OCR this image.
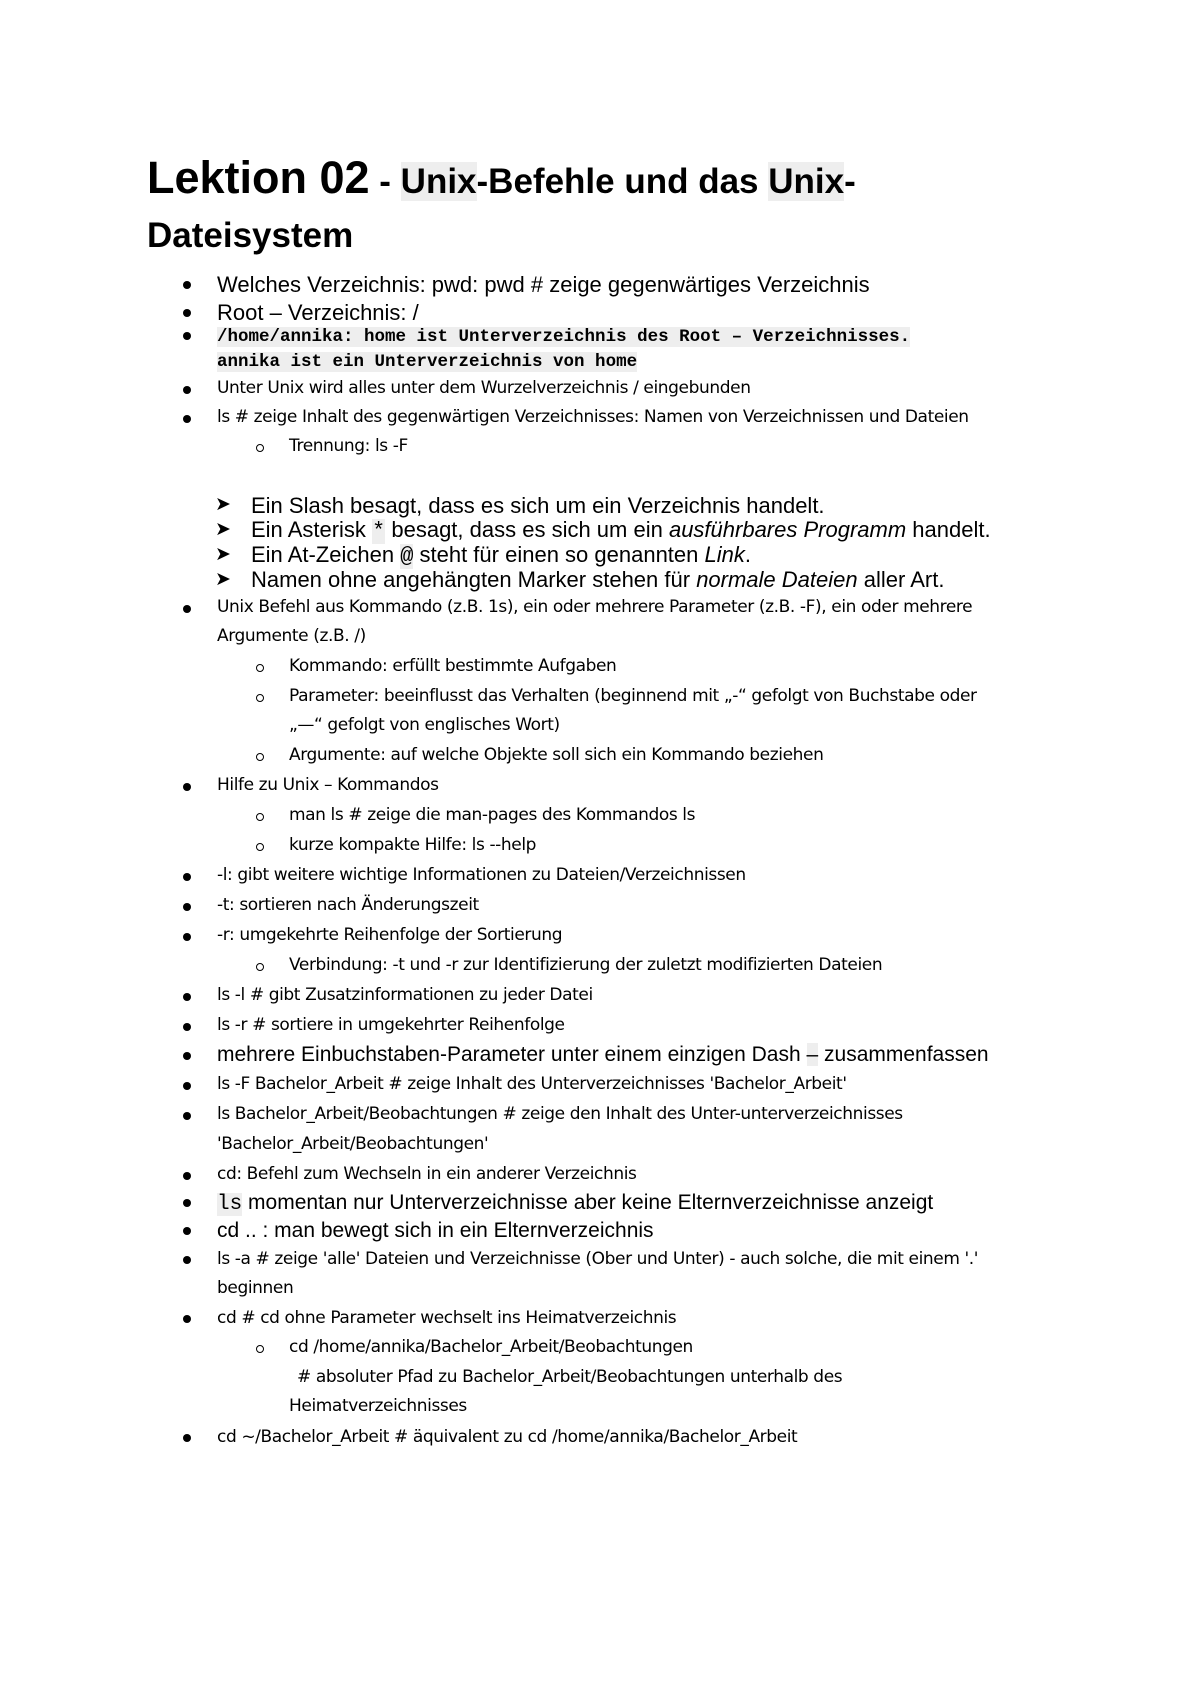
Lektion 02 - Unix-Befehle und das Unix-
Dateisystem
Welches Verzeichnis: pwd: pwd # zeige gegenwärtiges Verzeichnis
Root – Verzeichnis: /
/home/annika: home ist Unterverzeichnis des Root – Verzeichnisses.
annika ist ein Unterverzeichnis von home
Unter Unix wird alles unter dem Wurzelverzeichnis / eingebunden
ls # zeige Inhalt des gegenwärtigen Verzeichnisses: Namen von Verzeichnissen und Dateien
Trennung: ls -F
➤ Ein Slash besagt, dass es sich um ein Verzeichnis handelt.
➤ Ein Asterisk * besagt, dass es sich um ein ausführbares Programm handelt.
➤ Ein At-Zeichen @ steht für einen so genannten Link.
➤ Namen ohne angehängten Marker stehen für normale Dateien aller Art.
Unix Befehl aus Kommando (z.B. 1s), ein oder mehrere Parameter (z.B. -F), ein oder mehrere
Argumente (z.B. /)
Kommando: erfüllt bestimmte Aufgaben
Parameter: beeinflusst das Verhalten (beginnend mit „-“ gefolgt von Buchstabe oder
„—“ gefolgt von englisches Wort)
Argumente: auf welche Objekte soll sich ein Kommando beziehen
Hilfe zu Unix – Kommandos
man ls # zeige die man-pages des Kommandos ls
kurze kompakte Hilfe: ls --help
-l: gibt weitere wichtige Informationen zu Dateien/Verzeichnissen
-t: sortieren nach Änderungszeit
-r: umgekehrte Reihenfolge der Sortierung
Verbindung: -t und -r zur Identifizierung der zuletzt modifizierten Dateien
ls -l # gibt Zusatzinformationen zu jeder Datei
ls -r # sortiere in umgekehrter Reihenfolge
mehrere Einbuchstaben-Parameter unter einem einzigen Dash – zusammenfassen
ls -F Bachelor_Arbeit # zeige Inhalt des Unterverzeichnisses 'Bachelor_Arbeit'
ls Bachelor_Arbeit/Beobachtungen # zeige den Inhalt des Unter-unterverzeichnisses
'Bachelor_Arbeit/Beobachtungen'
cd: Befehl zum Wechseln in ein anderer Verzeichnis
ls momentan nur Unterverzeichnisse aber keine Elternverzeichnisse anzeigt
cd .. : man bewegt sich in ein Elternverzeichnis
ls -a # zeige 'alle' Dateien und Verzeichnisse (Ober und Unter) - auch solche, die mit einem '.'
beginnen
cd # cd ohne Parameter wechselt ins Heimatverzeichnis
cd /home/annika/Bachelor_Arbeit/Beobachtungen
# absoluter Pfad zu Bachelor_Arbeit/Beobachtungen unterhalb des
Heimatverzeichnisses
cd ~/Bachelor_Arbeit # äquivalent zu cd /home/annika/Bachelor_Arbeit
